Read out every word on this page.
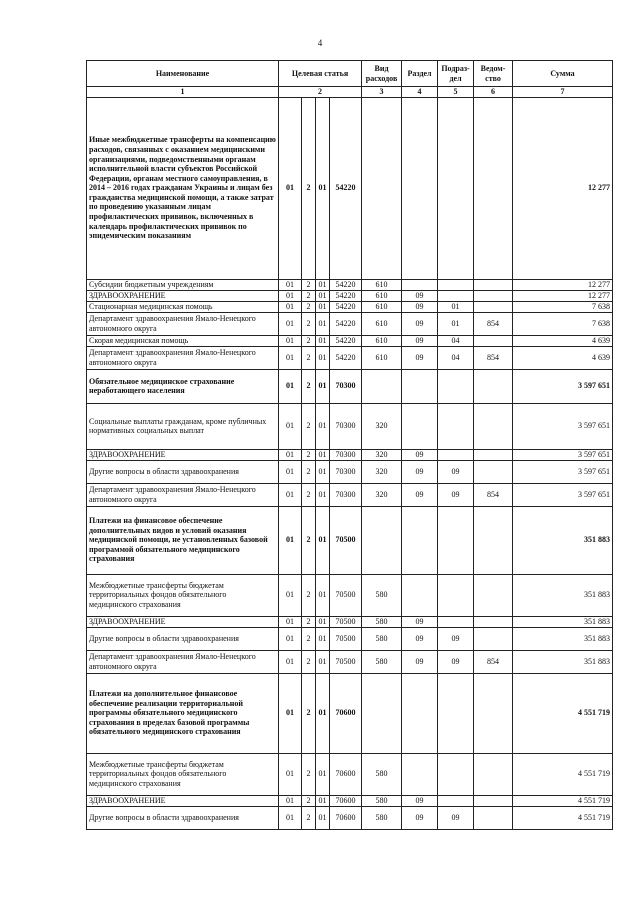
4
Наименование	Целевая статья				Вид расходов	Раздел	Подраз-дел	Ведом-ство	Сумма
1	2				3	4	5	6	7
Иные межбюджетные трансферты на компенсацию расходов, связанных с оказанием медицинскими организациями, подведомственными органам исполнительной власти субъектов Российской Федерации, органам местного самоуправления, в 2014 – 2016 годах гражданам Украины и лицам без гражданства медицинской помощи, а также затрат по проведению указанным лицам профилактических прививок, включенных в календарь профилактических прививок по эпидемическим показаниям	01	2	01	54220					12 277
Субсидии бюджетным учреждениям	01	2	01	54220	610				12 277
ЗДРАВООХРАНЕНИЕ	01	2	01	54220	610	09			12 277
Стационарная медицинская помощь	01	2	01	54220	610	09	01		7 638
Департамент здравоохранения Ямало-Ненецкого автономного округа	01	2	01	54220	610	09	01	854	7 638
Скорая медицинская помощь	01	2	01	54220	610	09	04		4 639
Департамент здравоохранения Ямало-Ненецкого автономного округа	01	2	01	54220	610	09	04	854	4 639
Обязательное медицинское страхование неработающего населения	01	2	01	70300					3 597 651
Социальные выплаты гражданам, кроме публичных нормативных социальных выплат	01	2	01	70300	320				3 597 651
ЗДРАВООХРАНЕНИЕ	01	2	01	70300	320	09			3 597 651
Другие вопросы в области здравоохранения	01	2	01	70300	320	09	09		3 597 651
Департамент здравоохранения Ямало-Ненецкого автономного округа	01	2	01	70300	320	09	09	854	3 597 651
Платежи на финансовое обеспечение дополнительных видов и условий оказания медицинской помощи, не установленных базовой программой обязательного медицинского страхования	01	2	01	70500					351 883
Межбюджетные трансферты бюджетам территориальных фондов обязательного медицинского страхования	01	2	01	70500	580				351 883
ЗДРАВООХРАНЕНИЕ	01	2	01	70500	580	09			351 883
Другие вопросы в области здравоохранения	01	2	01	70500	580	09	09		351 883
Департамент здравоохранения Ямало-Ненецкого автономного округа	01	2	01	70500	580	09	09	854	351 883
Платежи на дополнительное финансовое обеспечение реализации территориальной программы обязательного медицинского страхования в пределах базовой программы обязательного медицинского страхования	01	2	01	70600					4 551 719
Межбюджетные трансферты бюджетам территориальных фондов обязательного медицинского страхования	01	2	01	70600	580				4 551 719
ЗДРАВООХРАНЕНИЕ	01	2	01	70600	580	09			4 551 719
Другие вопросы в области здравоохранения	01	2	01	70600	580	09	09		4 551 719
